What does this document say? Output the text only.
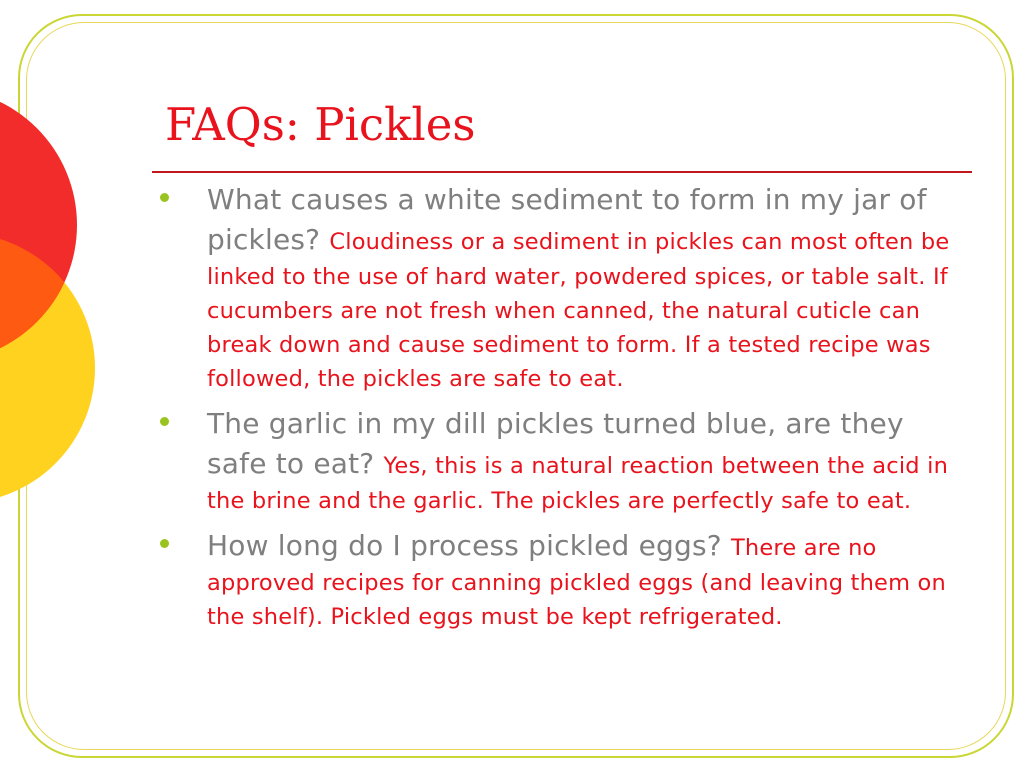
FAQs: Pickles
What causes a white sediment to form in my jar of pickles? Cloudiness or a sediment in pickles can most often be linked to the use of hard water, powdered spices, or table salt. If cucumbers are not fresh when canned, the natural cuticle can break down and cause sediment to form. If a tested recipe was followed, the pickles are safe to eat.
The garlic in my dill pickles turned blue, are they safe to eat? Yes, this is a natural reaction between the acid in the brine and the garlic. The pickles are perfectly safe to eat.
How long do I process pickled eggs? There are no approved recipes for canning pickled eggs (and leaving them on the shelf). Pickled eggs must be kept refrigerated.
